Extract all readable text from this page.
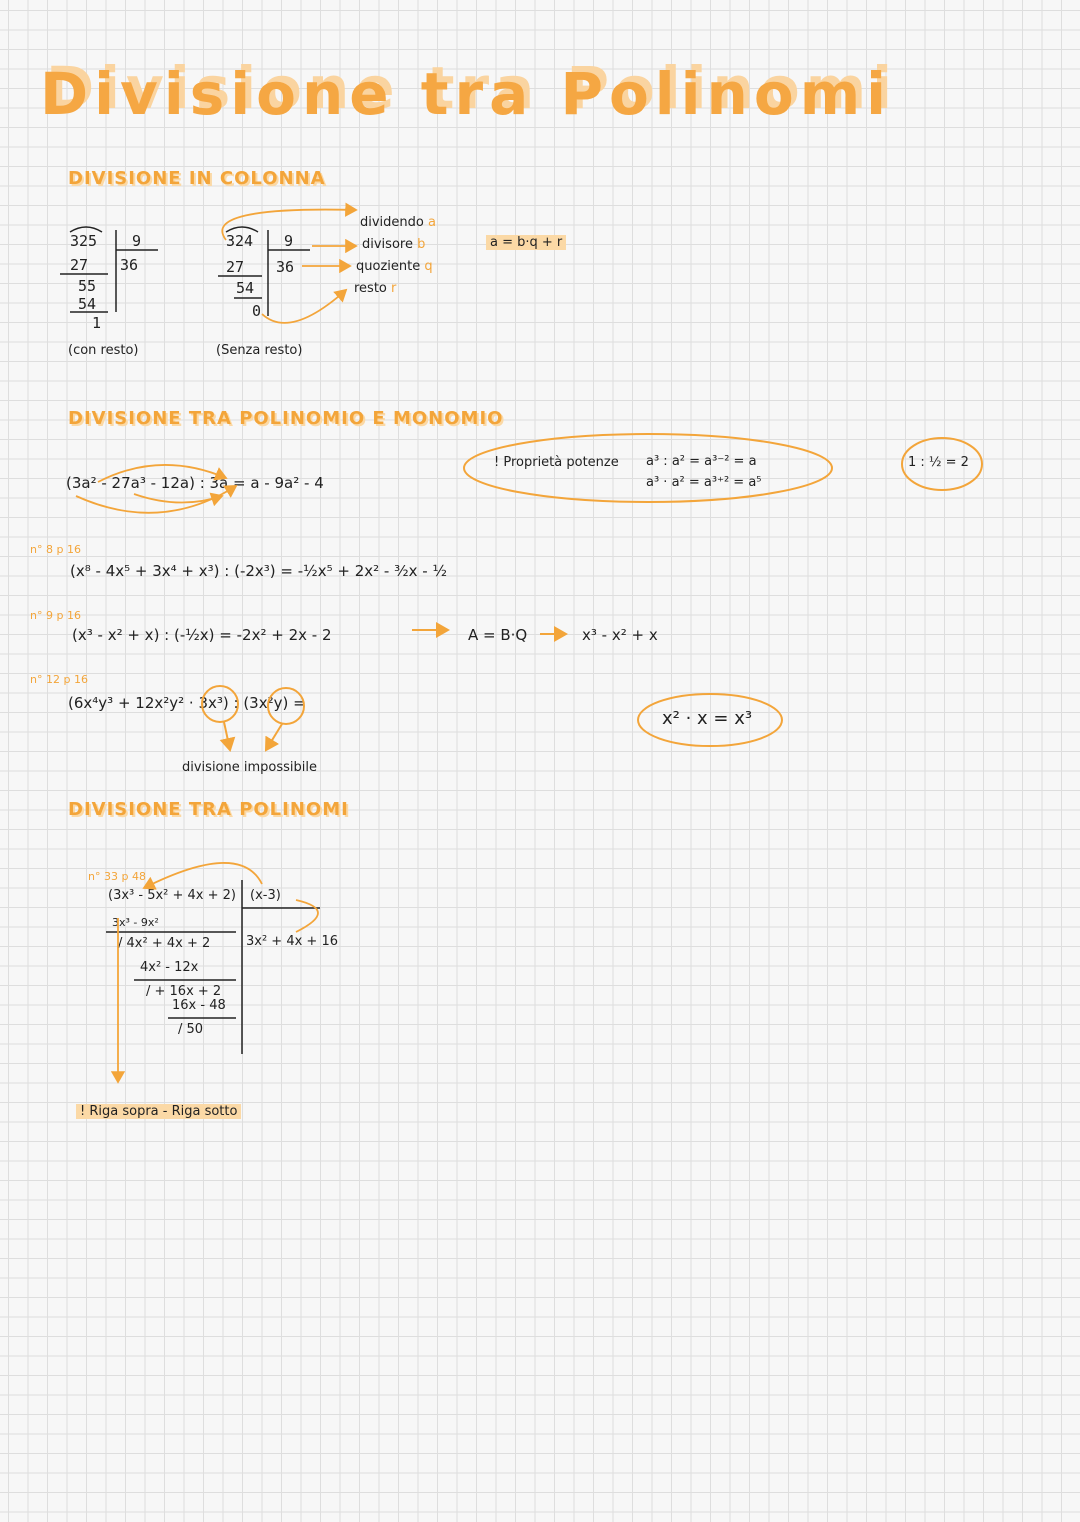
Divisione tra Polinomi
DIVISIONE IN COLONNA
325 9
27 36
55
54
1
(con resto)
324 9
27 36
54
0
(Senza resto)
dividendo a
divisore b
quoziente q
resto r
a = b·q + r
DIVISIONE TRA POLINOMIO E MONOMIO
(3a² - 27a³ - 12a) : 3a = a - 9a² - 4
! Proprietà potenze a³ : a² = a³⁻² = a
a³ · a² = a³⁺² = a⁵
1 : ½ = 2
n° 8 p 16
(x⁸ - 4x⁵ + 3x⁴ + x³) : (-2x³) = -½x⁵ + 2x² - ³⁄₂x - ½
n° 9 p 16
(x³ - x² + x) : (-½x) = -2x² + 2x - 2	A = B·Q	x³ - x² + x
n° 12 p 16
(6x⁴y³ + 12x²y² · 3x³) : (3x²y) =
divisione impossibile
x² · x = x³
DIVISIONE TRA POLINOMI
n° 33 p 48
(3x³ - 5x² + 4x + 2) (x-3)
3x³ - 9x²
/ 4x² + 4x + 2	3x² + 4x + 16
4x² - 12x
/ + 16x + 2
16x - 48
/ 50
! Riga sopra - Riga sotto
